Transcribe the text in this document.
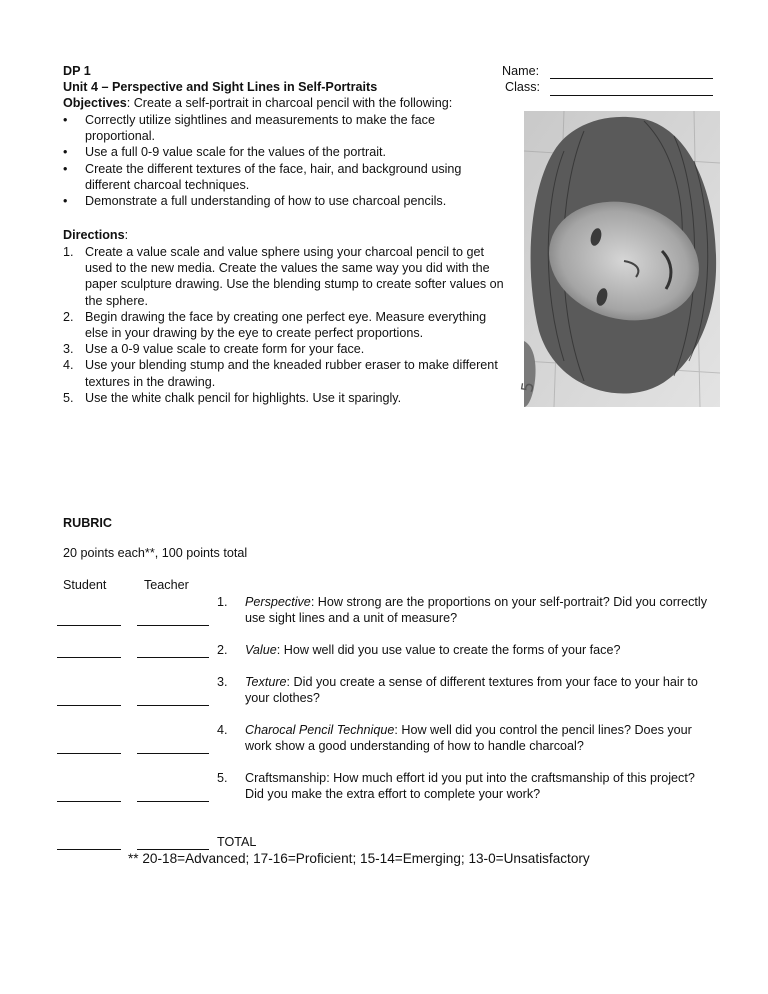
DP 1
Unit 4 – Perspective and Sight Lines in Self-Portraits
Name:
Class:
Objectives: Create a self-portrait in charcoal pencil with the following:
• Correctly utilize sightlines and measurements to make the face proportional.
• Use a full 0-9 value scale for the values of the portrait.
• Create the different textures of the face, hair, and background using different charcoal techniques.
• Demonstrate a full understanding of how to use charcoal pencils.
Directions:
1. Create a value scale and value sphere using your charcoal pencil to get used to the new media. Create the values the same way you did with the paper sculpture drawing. Use the blending stump to create softer values on the sphere.
2. Begin drawing the face by creating one perfect eye. Measure everything else in your drawing by the eye to create perfect proportions.
3. Use a 0-9 value scale to create form for your face.
4. Use your blending stump and the kneaded rubber eraser to make different textures in the drawing.
5. Use the white chalk pencil for highlights. Use it sparingly.
5
RUBRIC
20 points each**, 100 points total
Student	Teacher
1. Perspective: How strong are the proportions on your self-portrait? Did you correctly use sight lines and a unit of measure?
2. Value: How well did you use value to create the forms of your face?
3. Texture: Did you create a sense of different textures from your face to your hair to your clothes?
4. Charocal Pencil Technique: How well did you control the pencil lines? Does your work show a good understanding of how to handle charcoal?
5. Craftsmanship: How much effort id you put into the craftsmanship of this project? Did you make the extra effort to complete your work?
TOTAL
** 20-18=Advanced; 17-16=Proficient; 15-14=Emerging; 13-0=Unsatisfactory
